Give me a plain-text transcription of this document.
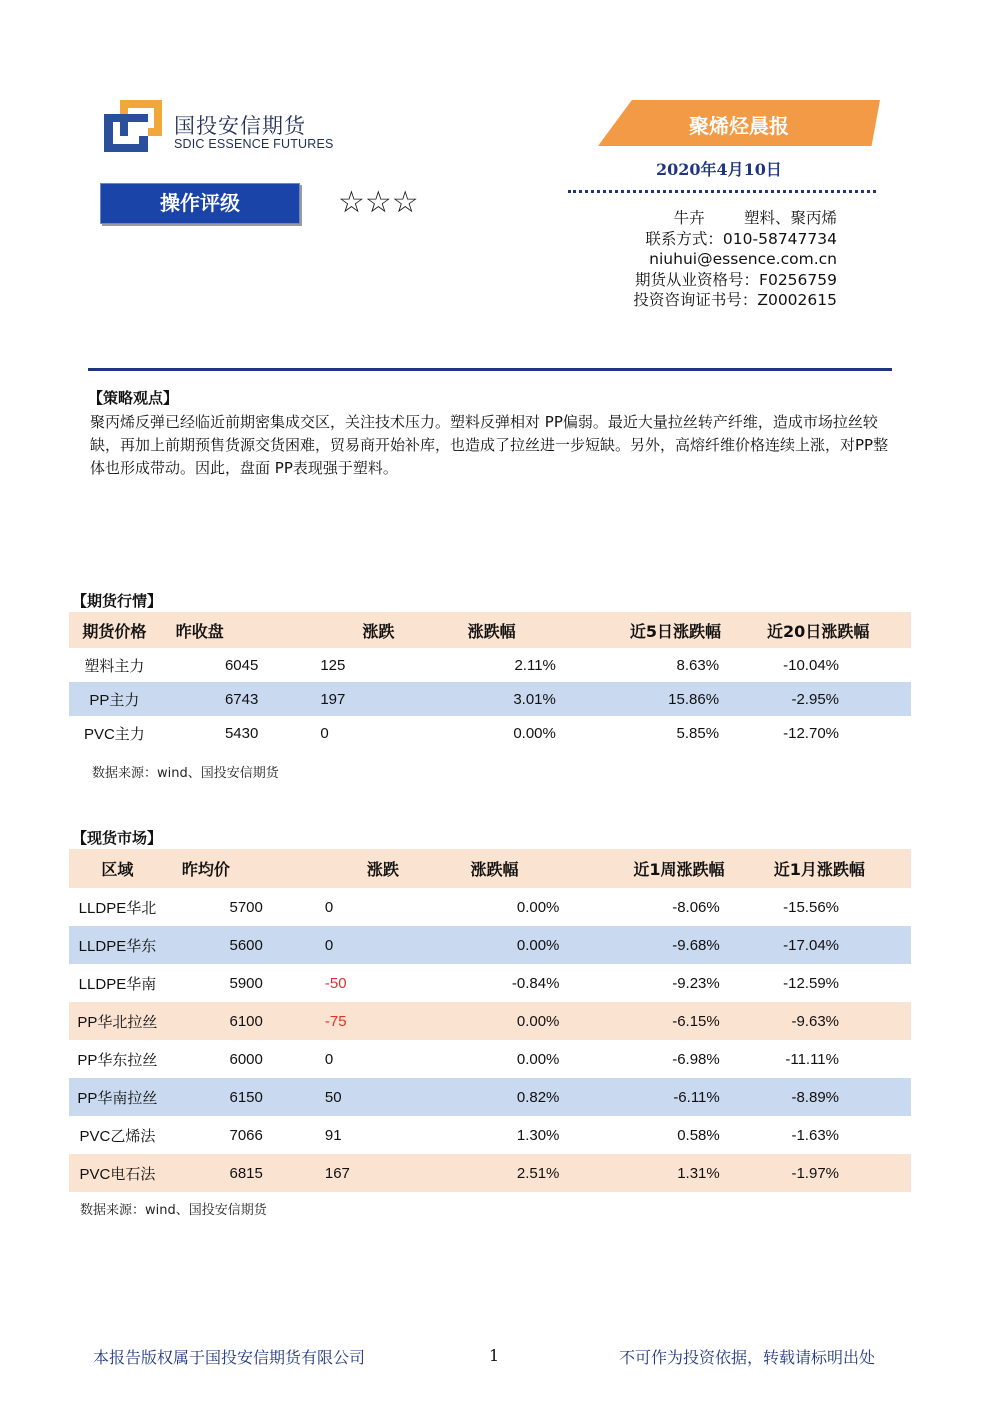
国投安信期货
SDIC ESSENCE FUTURES
聚烯烃晨报
2020年4月10日
操作评级	☆☆☆	牛卉        塑料、聚丙烯
联系方式：010-58747734
niuhui@essence.com.cn
期货从业资格号：F0256759
投资咨询证书号：Z0002615
【策略观点】
聚丙烯反弹已经临近前期密集成交区，关注技术压力。塑料反弹相对 PP偏弱。最近大量拉丝转产纤维，造成市场拉丝较缺，再加上前期预售货源交货困难，贸易商开始补库，也造成了拉丝进一步短缺。另外，高熔纤维价格连续上涨，对PP整体也形成带动。因此，盘面 PP表现强于塑料。
【期货行情】
期货价格	昨收盘	涨跌	涨跌幅	近5日涨跌幅	近20日涨跌幅
塑料主力	6045	125	2.11%	8.63%	-10.04%
PP主力	6743	197	3.01%	15.86%	-2.95%
PVC主力	5430	0	0.00%	5.85%	-12.70%
数据来源：wind、国投安信期货
【现货市场】
区域	昨均价	涨跌	涨跌幅	近1周涨跌幅	近1月涨跌幅
LLDPE华北	5700	0	0.00%	-8.06%	-15.56%
LLDPE华东	5600	0	0.00%	-9.68%	-17.04%
LLDPE华南	5900	-50	-0.84%	-9.23%	-12.59%
PP华北拉丝	6100	-75	0.00%	-6.15%	-9.63%
PP华东拉丝	6000	0	0.00%	-6.98%	-11.11%
PP华南拉丝	6150	50	0.82%	-6.11%	-8.89%
PVC乙烯法	7066	91	1.30%	0.58%	-1.63%
PVC电石法	6815	167	2.51%	1.31%	-1.97%
数据来源：wind、国投安信期货
本报告版权属于国投安信期货有限公司	1	不可作为投资依据，转载请标明出处
